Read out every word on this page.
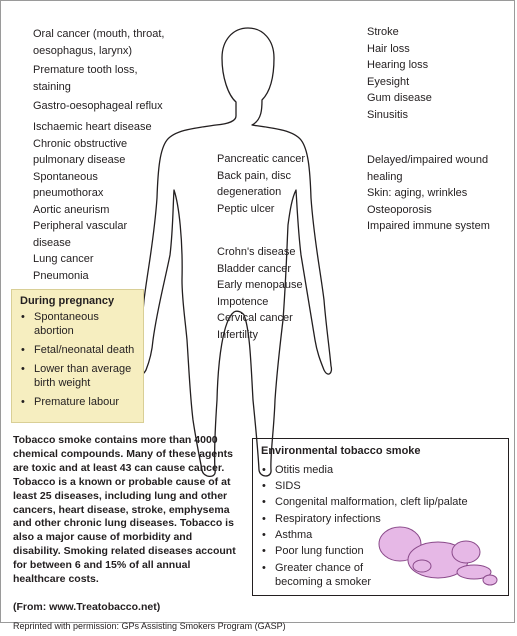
Oral cancer (mouth, throat,
oesophagus, larynx)
Premature tooth loss,
staining
Gastro-oesophageal reflux
Ischaemic heart disease
Chronic obstructive
pulmonary disease
Spontaneous
pneumothorax
Aortic aneurism
Peripheral vascular
disease
Lung cancer
Pneumonia
Stroke
Hair loss
Hearing loss
Eyesight
Gum disease
Sinusitis
Delayed/impaired wound
healing
Skin: aging, wrinkles
Osteoporosis
Impaired immune system
Pancreatic cancer
Back pain, disc
degeneration
Peptic ulcer
Crohn's disease
Bladder cancer
Early menopause
Impotence
Cervical cancer
Infertility
During pregnancy
• Spontaneous abortion
• Fetal/neonatal death
• Lower than average birth weight
• Premature labour

Tobacco smoke contains more than 4000 chemical compounds. Many of these agents are toxic and at least 43 can cause cancer. Tobacco is a known or probable cause of at least 25 diseases, including lung and other cancers, heart disease, stroke, emphysema and other chronic lung diseases. Tobacco is also a major cause of morbidity and disability. Smoking related diseases account for between 6 and 15% of all annual healthcare costs.

(From: www.Treatobacco.net)

Environmental tobacco smoke
• Otitis media
• SIDS
• Congenital malformation, cleft lip/palate
• Respiratory infections
• Asthma
• Poor lung function
• Greater chance of becoming a smoker

Reprinted with permission: GPs Assisting Smokers Program (GASP)
